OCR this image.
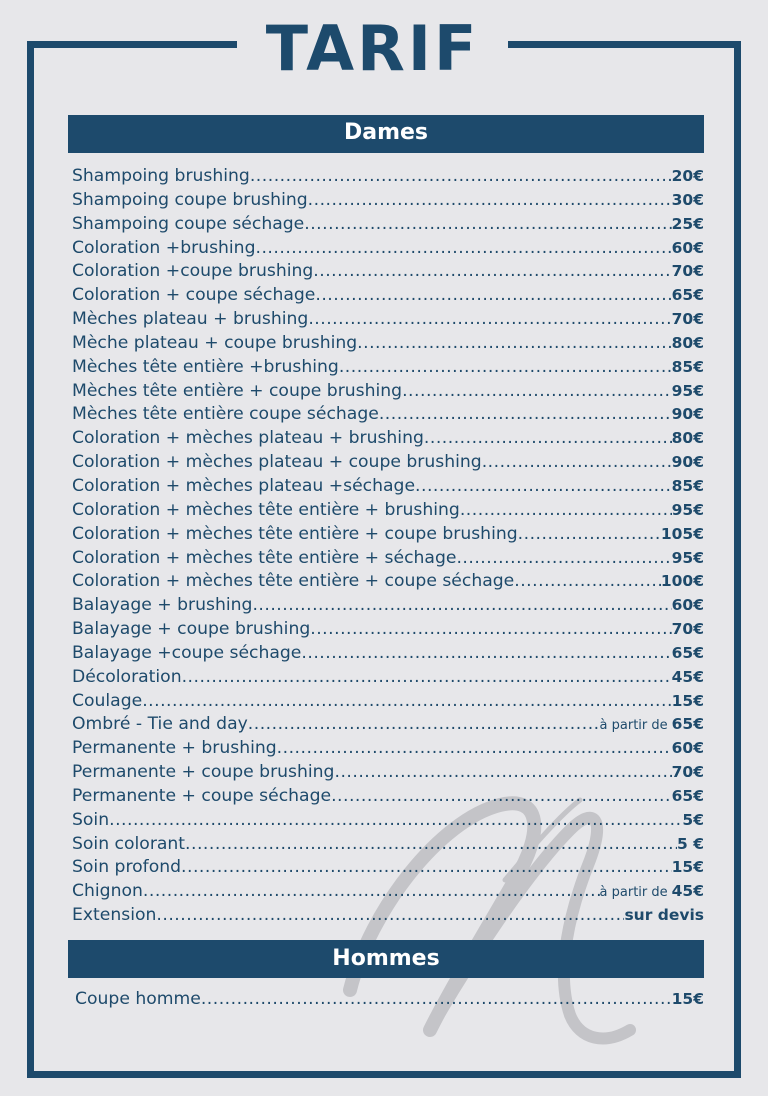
TARIF
Dames
Shampoing brushing .....	20€
Shampoing coupe brushing .....	30€
Shampoing coupe séchage .....	25€
Coloration +brushing .....	60€
Coloration +coupe brushing .....	70€
Coloration + coupe séchage .....	65€
Mèches plateau + brushing .....	70€
Mèche plateau + coupe brushing .....	80€
Mèches tête entière +brushing .....	85€
Mèches tête entière + coupe brushing .....	95€
Mèches tête entière coupe séchage .....	90€
Coloration + mèches plateau + brushing .....	80€
Coloration + mèches plateau + coupe brushing .....	90€
Coloration + mèches plateau +séchage .....	85€
Coloration + mèches tête entière + brushing .....	95€
Coloration + mèches tête entière + coupe brushing .....	105€
Coloration + mèches tête entière + séchage .....	95€
Coloration + mèches tête entière + coupe séchage .....	100€
Balayage + brushing .....	60€
Balayage + coupe brushing .....	70€
Balayage +coupe séchage .....	65€
Décoloration .....	45€
Coulage .....	15€
Ombré - Tie and day .....	à partir de 65€
Permanente + brushing .....	60€
Permanente + coupe brushing .....	70€
Permanente + coupe séchage .....	65€
Soin .....	5€
Soin colorant .....	5 €
Soin profond .....	15€
Chignon .....	à partir de 45€
Extension .....	sur devis
Hommes
Coupe homme .....	15€
